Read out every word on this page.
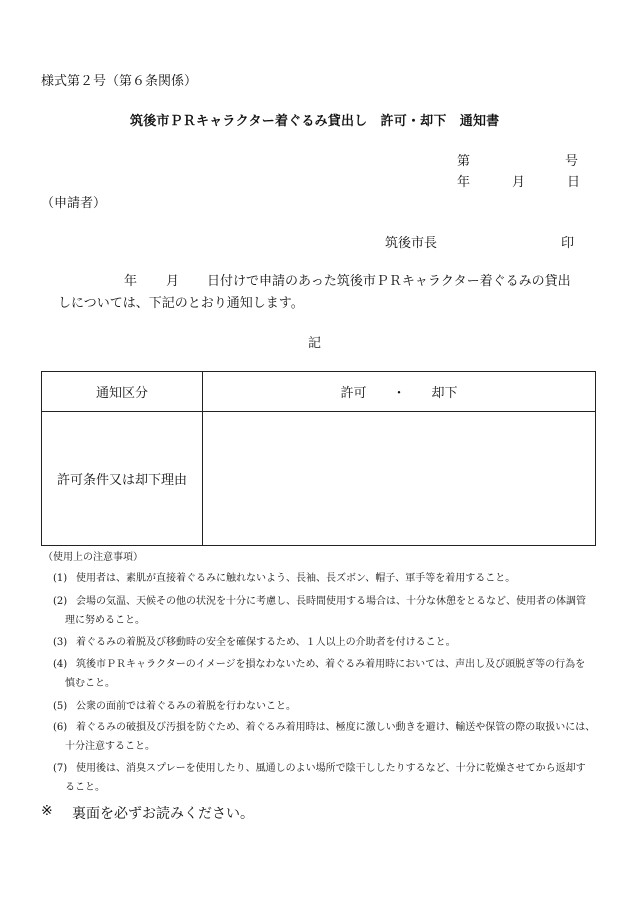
様式第２号（第６条関係）
筑後市ＰＲキャラクター着ぐるみ貸出し　許可・却下　通知書
第	号
年	月	日
（申請者）
筑後市長	印
年 月 日付けで申請のあった筑後市ＰＲキャラクター着ぐるみの貸出
しについては、下記のとおり通知します。
記
通知区分	許可 ・ 却下
許可条件又は却下理由
（使用上の注意事項）
(1) 使用者は、素肌が直接着ぐるみに触れないよう、長袖、長ズボン、帽子、軍手等を着用すること。
(2) 会場の気温、天候その他の状況を十分に考慮し、長時間使用する場合は、十分な休憩をとるなど、使用者の体調管
理に努めること。
(3) 着ぐるみの着脱及び移動時の安全を確保するため、１人以上の介助者を付けること。
(4) 筑後市ＰＲキャラクターのイメージを損なわないため、着ぐるみ着用時においては、声出し及び頭脱ぎ等の行為を
慎むこと。
(5) 公衆の面前では着ぐるみの着脱を行わないこと。
(6) 着ぐるみの破損及び汚損を防ぐため、着ぐるみ着用時は、極度に激しい動きを避け、輸送や保管の際の取扱いには、
十分注意すること。
(7) 使用後は、消臭スプレーを使用したり、風通しのよい場所で陰干ししたりするなど、十分に乾燥させてから返却す
ること。
※ 裏面を必ずお読みください。
